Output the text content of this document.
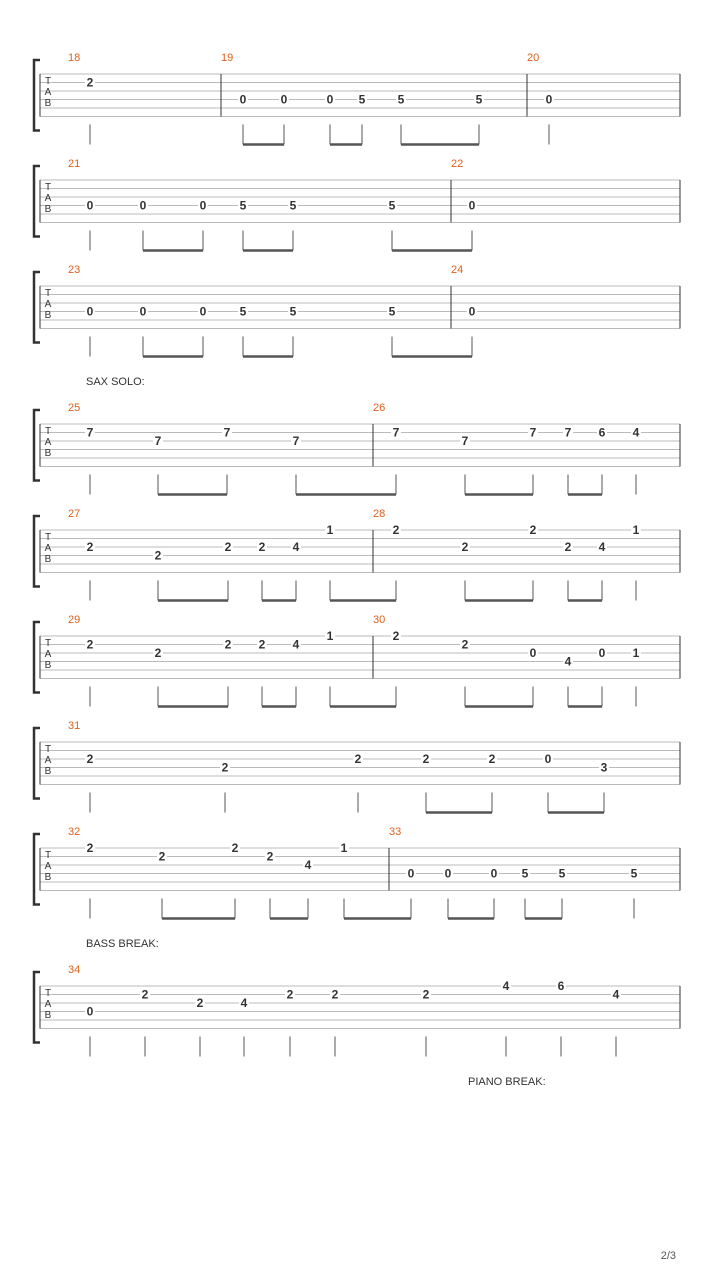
T
A
B
18	19	20
2
0	0	0 5	5	5	0
T
A
B
21	22
0	0	0	5	5	5	0
T
A
B
23	24
0	0	0	5	5	5	0
T
A
B
25	26
7
7
7
7
7
7
7 7 6 4
T
A
B
27	28
2
2
2 2 4
1	2
2
2
2 4
1
T
A
B
29	30
2
2
2 2 4
1	2
2
0
4
0 1
T
A
B
31
2
2
2	2	2	0
3
T
A
B
32	33
2
2
2
2
4
1
0	0	0 5	5	5
T
A
B
34
0
2
2	4
2	2	2
4	6
4
SAX SOLO:
BASS BREAK:
PIANO BREAK:
2/3
